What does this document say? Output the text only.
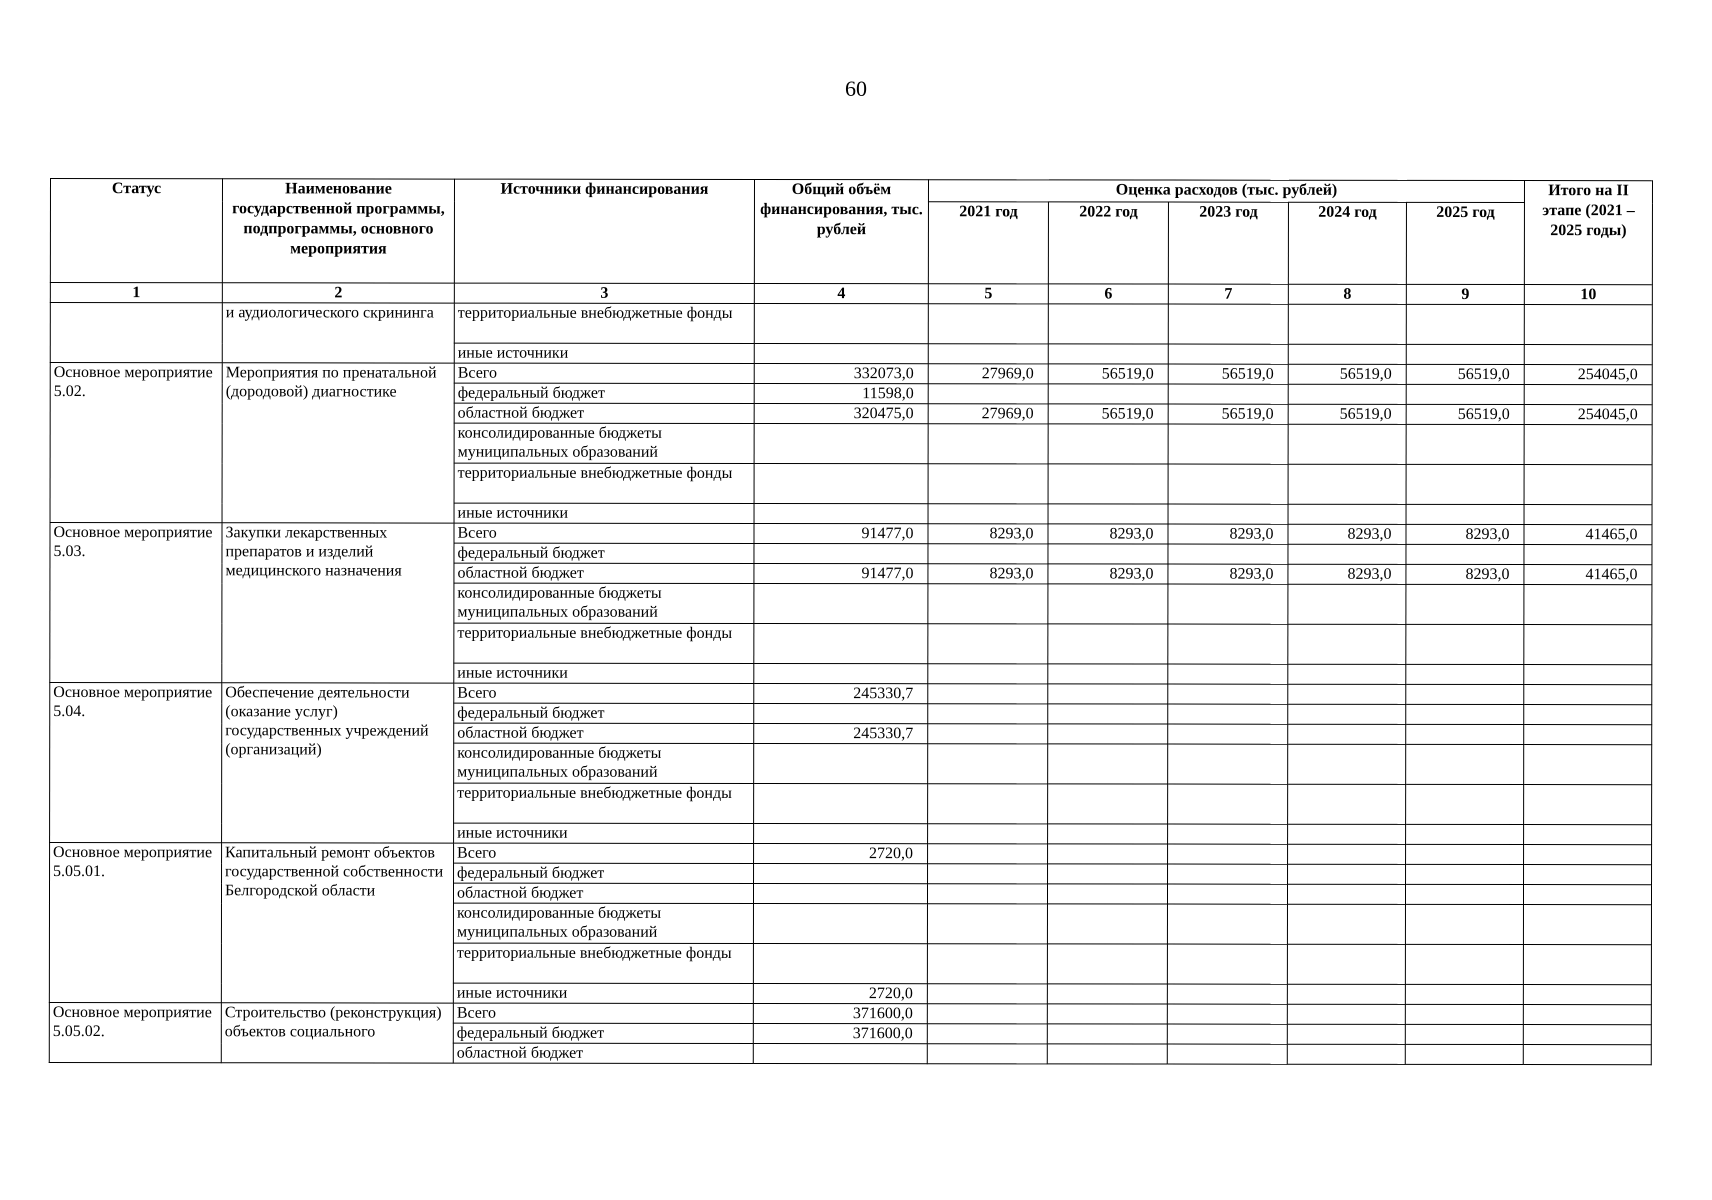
60
Статус	Наименование государственной программы, подпрограммы, основного мероприятия	Источники финансирования	Общий объём финансирования, тыс. рублей	Оценка расходов (тыс. рублей)					Итого на II этапе (2021 – 2025 годы)
				2021 год	2022 год	2023 год	2024 год	2025 год	
1	2	3	4	5	6	7	8	9	10
	и аудиологического скрининга	территориальные внебюджетные фонды							
		иные источники							
Основное мероприятие 5.02.	Мероприятия по пренатальной (дородовой) диагностике	Всего	332073,0	27969,0	56519,0	56519,0	56519,0	56519,0	254045,0
		федеральный бюджет	11598,0						
		областной бюджет	320475,0	27969,0	56519,0	56519,0	56519,0	56519,0	254045,0
		консолидированные бюджеты муниципальных образований							
		территориальные внебюджетные фонды							
		иные источники							
Основное мероприятие 5.03.	Закупки лекарственных препаратов и изделий медицинского назначения	Всего	91477,0	8293,0	8293,0	8293,0	8293,0	8293,0	41465,0
		федеральный бюджет							
		областной бюджет	91477,0	8293,0	8293,0	8293,0	8293,0	8293,0	41465,0
		консолидированные бюджеты муниципальных образований							
		территориальные внебюджетные фонды							
		иные источники							
Основное мероприятие 5.04.	Обеспечение деятельности (оказание услуг) государственных учреждений (организаций)	Всего	245330,7						
		федеральный бюджет							
		областной бюджет	245330,7						
		консолидированные бюджеты муниципальных образований							
		территориальные внебюджетные фонды							
		иные источники							
Основное мероприятие 5.05.01.	Капитальный ремонт объектов государственной собственности Белгородской области	Всего	2720,0						
		федеральный бюджет							
		областной бюджет							
		консолидированные бюджеты муниципальных образований							
		территориальные внебюджетные фонды							
		иные источники	2720,0						
Основное мероприятие 5.05.02.	Строительство (реконструкция) объектов социального	Всего	371600,0						
		федеральный бюджет	371600,0						
		областной бюджет							
